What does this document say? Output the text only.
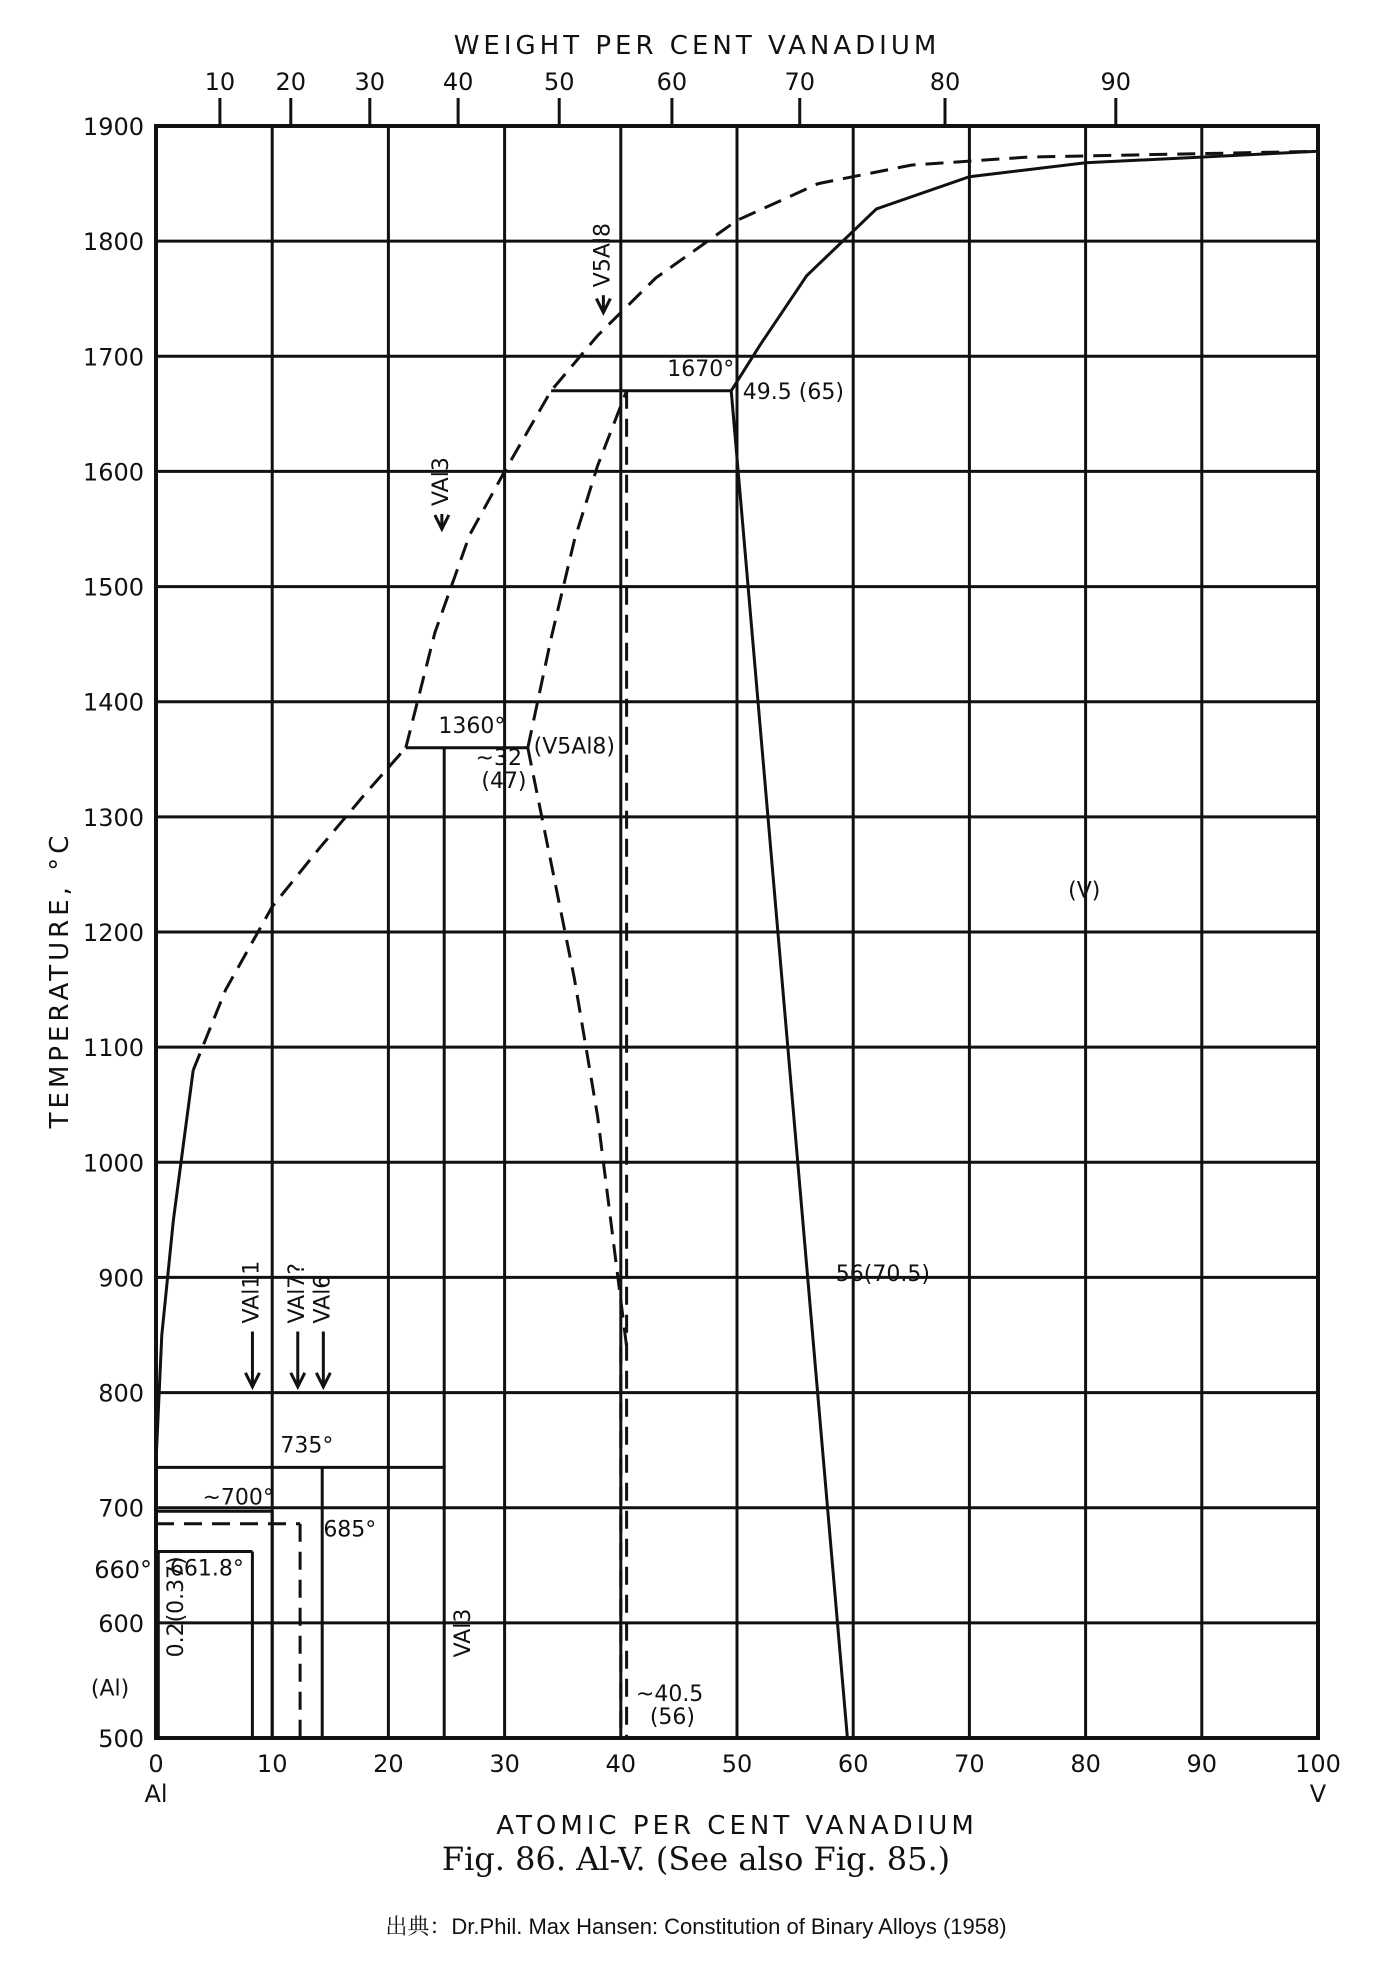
0	10	20	30	40	50	60	70	80	90	100
Al	V
500
600
700
800
900
1000
1100
1200
1300
1400
1500
1600
1700
1800
1900
660°
10 20 30 40	50	60	70	80	90
WEIGHT PER CENT VANADIUM
ATOMIC PER CENT VANADIUM
TEMPERATURE, °C
1670°
49.5 (65)
1360°
~32
(47)
(V5Al8)
(V)
56(70.5)
735°
~700°
685°
661.8°
~40.5
(56)
(Al)
V5Al8
VAl3
VAl11 VAl7? VAl6
VAl3
0.2(0.37)
Fig. 86. Al-V. (See also Fig. 85.)
出典：Dr.Phil. Max Hansen: Constitution of Binary Alloys (1958)
